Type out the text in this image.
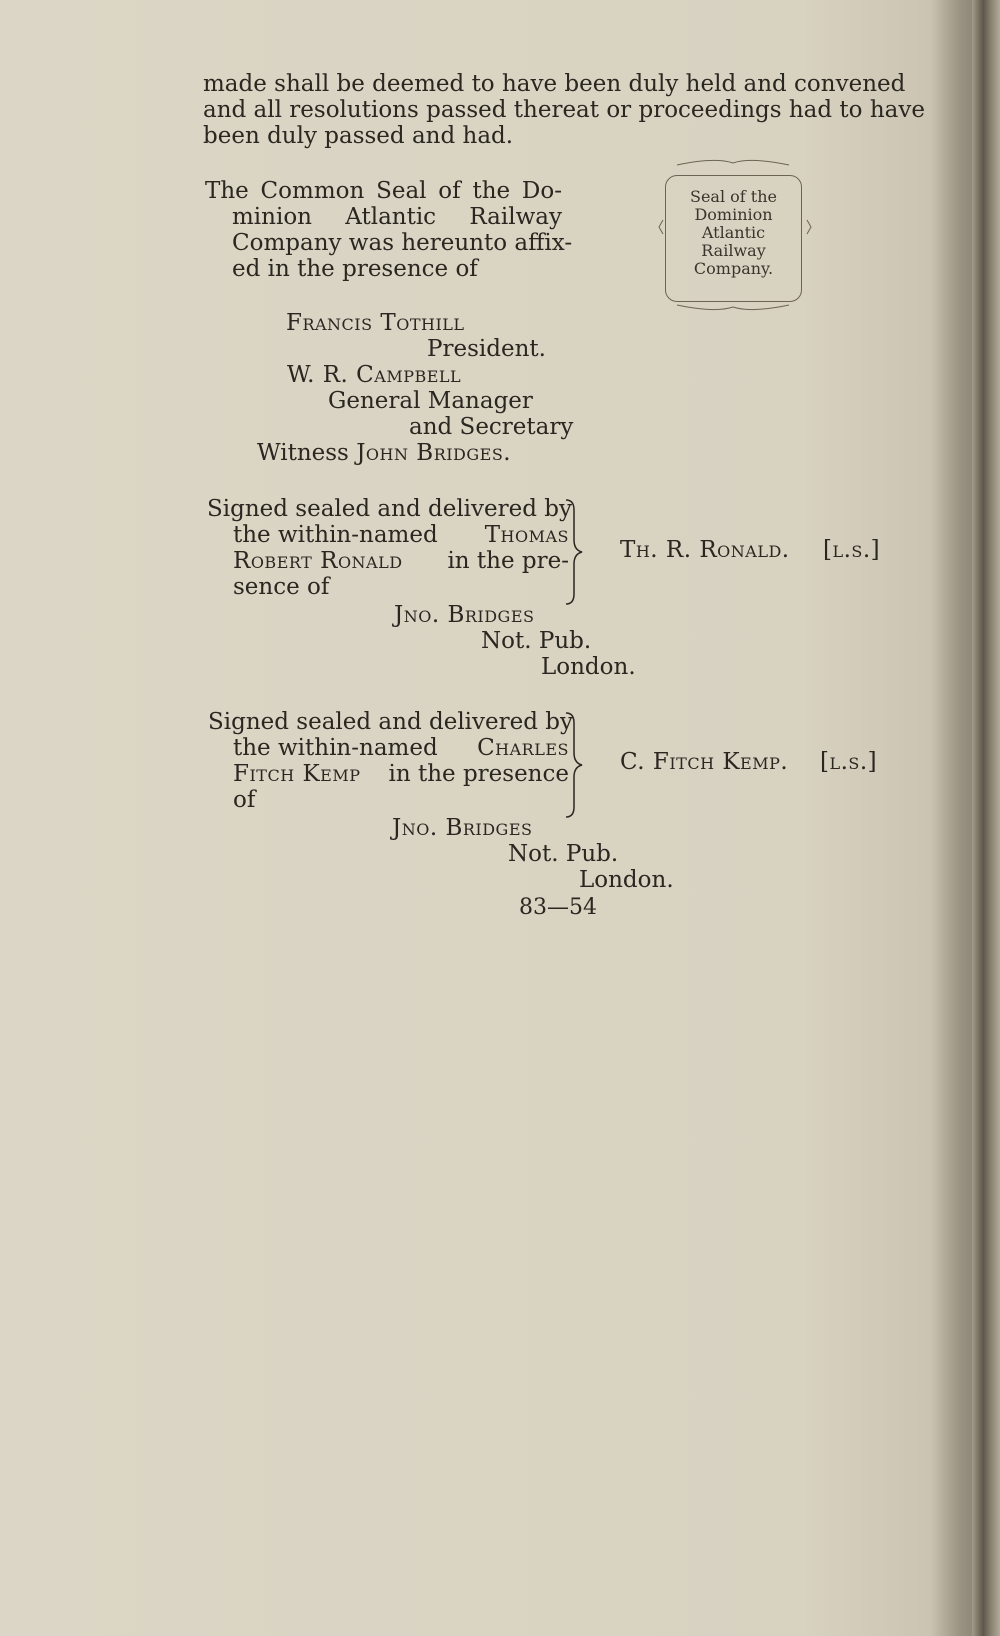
made shall be deemed to have been duly held and convened
and all resolutions passed thereat or proceedings had to have
been duly passed and had.
The Common Seal of the Do-
minion Atlantic Railway
Company was hereunto affix-
ed in the presence of
Seal of the
Dominion
Atlantic
Railway
Company.
Francis Tothill
President.
W. R. Campbell
General Manager
and Secretary
Witness John Bridges.
Signed sealed and delivered by
the within-named Thomas
Robert Ronald in the pre-
sence of
Th. R. Ronald. [l.s.]
Jno. Bridges
Not. Pub.
London.
Signed sealed and delivered by
the within-named Charles
Fitch Kemp in the presence
of
C. Fitch Kemp. [l.s.]
Jno. Bridges
Not. Pub.
London.
83—54
